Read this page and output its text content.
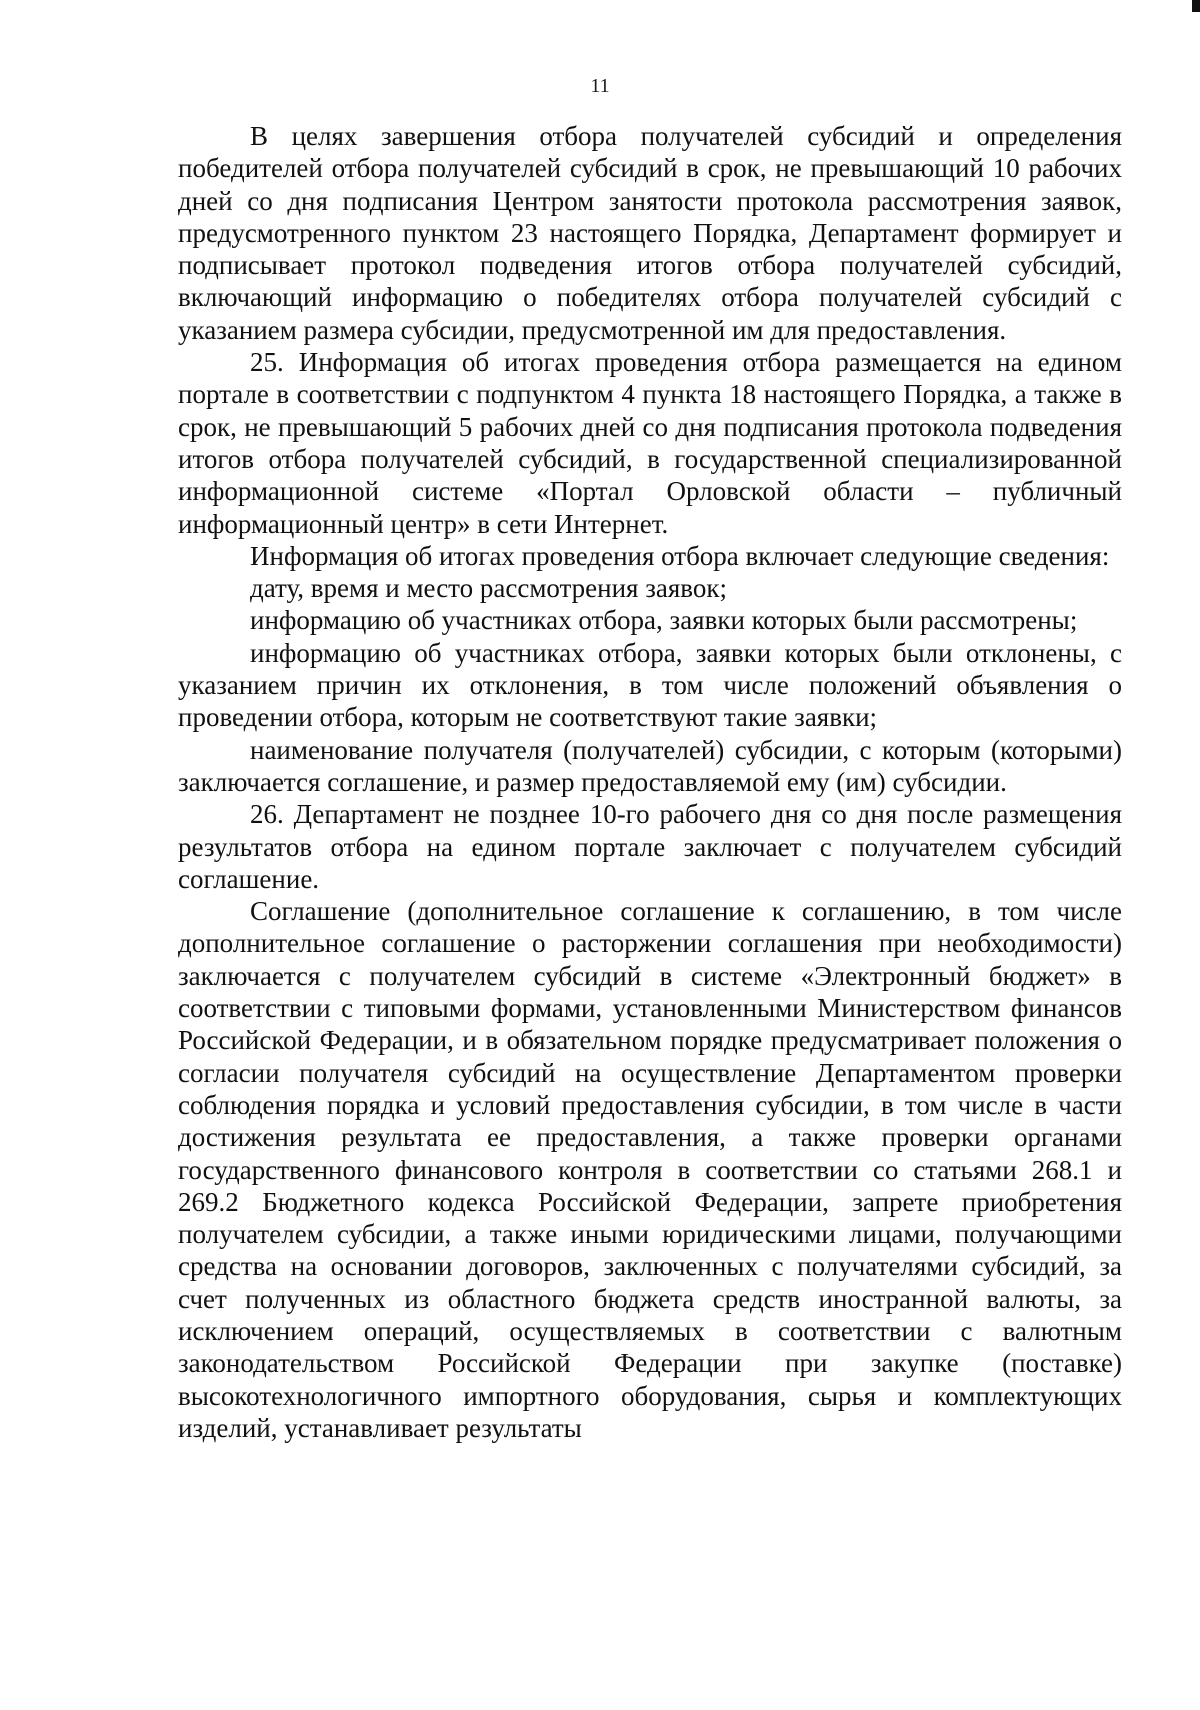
11

В целях завершения отбора получателей субсидий и определения победителей отбора получателей субсидий в срок, не превышающий 10 рабочих дней со дня подписания Центром занятости протокола рассмотрения заявок, предусмотренного пунктом 23 настоящего Порядка, Департамент формирует и подписывает протокол подведения итогов отбора получателей субсидий, включающий информацию о победителях отбора получателей субсидий с указанием размера субсидии, предусмотренной им для предоставления.

25. Информация об итогах проведения отбора размещается на едином портале в соответствии с подпунктом 4 пункта 18 настоящего Порядка, а также в срок, не превышающий 5 рабочих дней со дня подписания протокола подведения итогов отбора получателей субсидий, в государственной специализированной информационной системе «Портал Орловской области – публичный информационный центр» в сети Интернет.

Информация об итогах проведения отбора включает следующие сведения:

дату, время и место рассмотрения заявок;

информацию об участниках отбора, заявки которых были рассмотрены;

информацию об участниках отбора, заявки которых были отклонены, с указанием причин их отклонения, в том числе положений объявления о проведении отбора, которым не соответствуют такие заявки;

наименование получателя (получателей) субсидии, с которым (которыми) заключается соглашение, и размер предоставляемой ему (им) субсидии.

26. Департамент не позднее 10-го рабочего дня со дня после размещения результатов отбора на едином портале заключает с получателем субсидий соглашение.

Соглашение (дополнительное соглашение к соглашению, в том числе дополнительное соглашение о расторжении соглашения при необходимости) заключается с получателем субсидий в системе «Электронный бюджет» в соответствии с типовыми формами, установленными Министерством финансов Российской Федерации, и в обязательном порядке предусматривает положения о согласии получателя субсидий на осуществление Департаментом проверки соблюдения порядка и условий предоставления субсидии, в том числе в части достижения результата ее предоставления, а также проверки органами государственного финансового контроля в соответствии со статьями 268.1 и 269.2 Бюджетного кодекса Российской Федерации, запрете приобретения получателем субсидии, а также иными юридическими лицами, получающими средства на основании договоров, заключенных с получателями субсидий, за счет полученных из областного бюджета средств иностранной валюты, за исключением операций, осуществляемых в соответствии с валютным законодательством Российской Федерации при закупке (поставке) высокотехнологичного импортного оборудования, сырья и комплектующих изделий, устанавливает результаты
